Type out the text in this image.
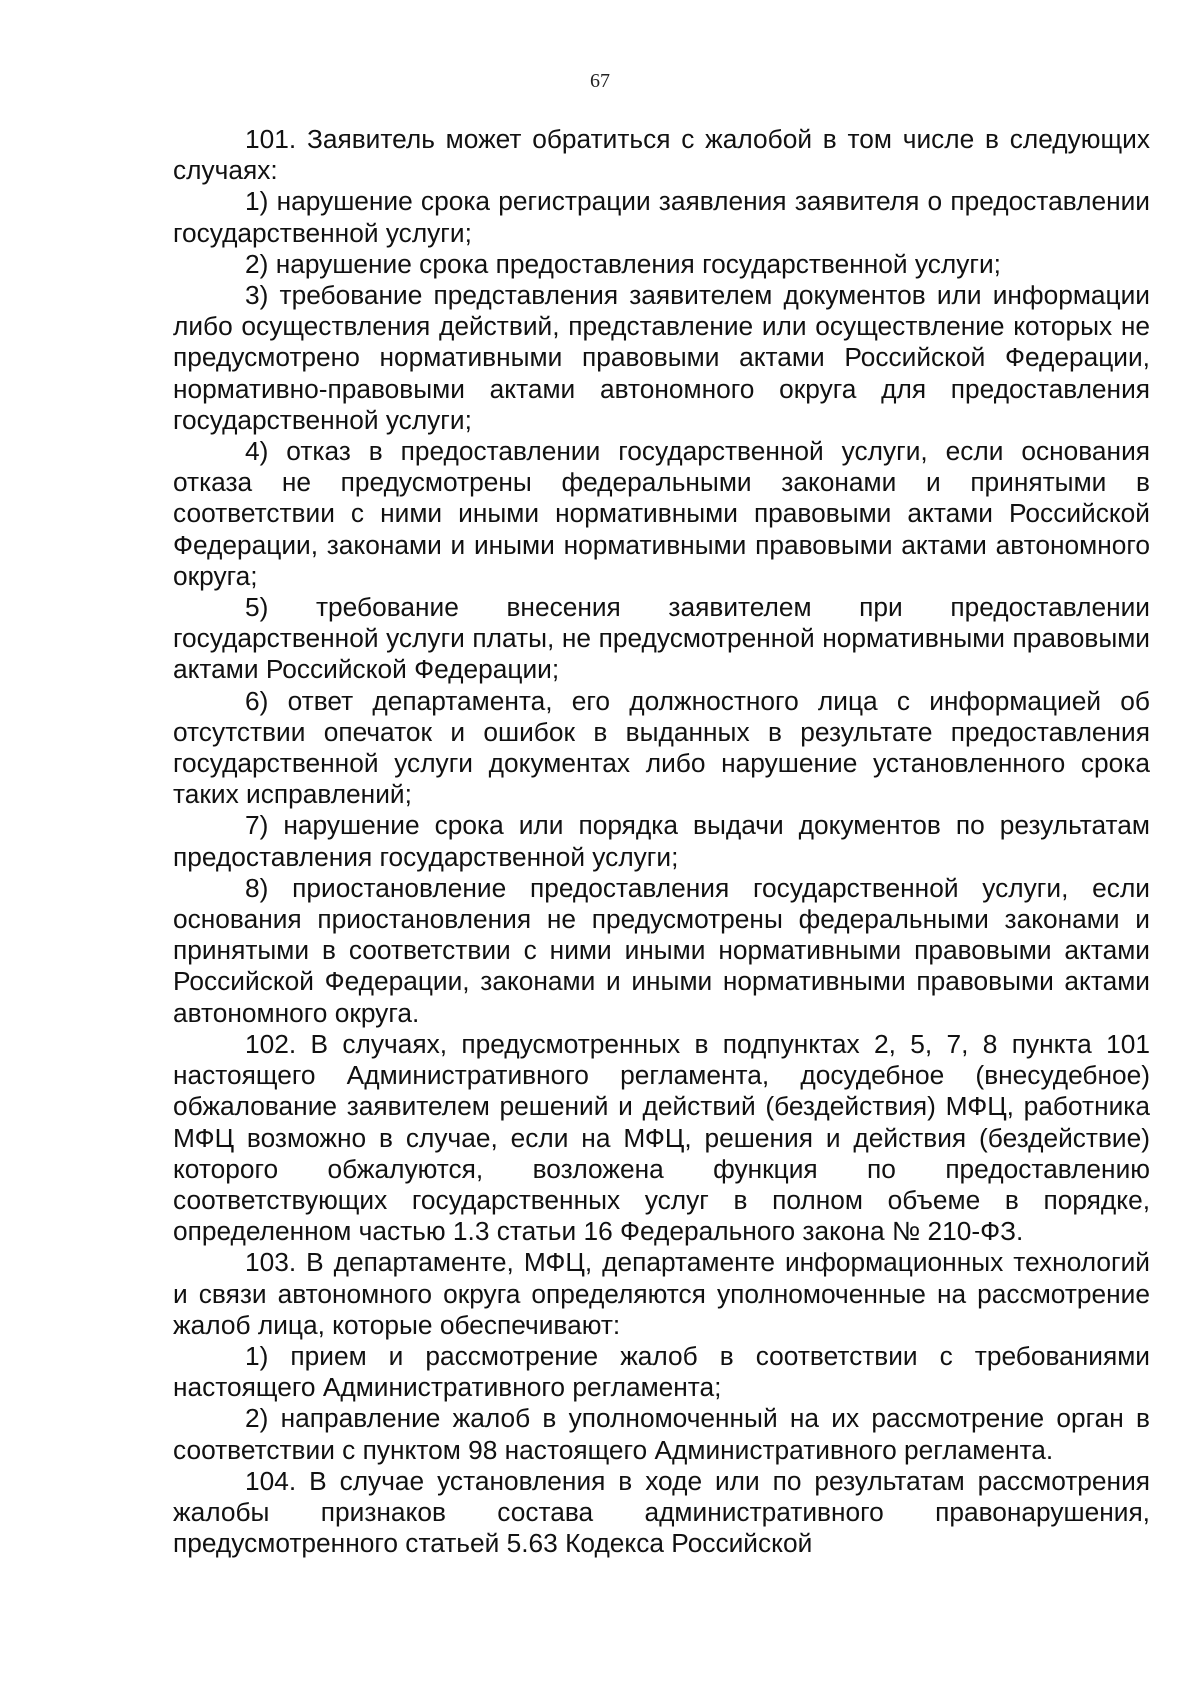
67

101. Заявитель может обратиться с жалобой в том числе в следующих случаях:

1) нарушение срока регистрации заявления заявителя о предоставлении государственной услуги;

2) нарушение срока предоставления государственной услуги;

3) требование представления заявителем документов или информации либо осуществления действий, представление или осуществление которых не предусмотрено нормативными правовыми актами Российской Федерации, нормативно-правовыми актами автономного округа для предоставления государственной услуги;

4) отказ в предоставлении государственной услуги, если основания отказа не предусмотрены федеральными законами и принятыми в соответствии с ними иными нормативными правовыми актами Российской Федерации, законами и иными нормативными правовыми актами автономного округа;

5) требование внесения заявителем при предоставлении государственной услуги платы, не предусмотренной нормативными правовыми актами Российской Федерации;

6) ответ департамента, его должностного лица с информацией об отсутствии опечаток и ошибок в выданных в результате предоставления государственной услуги документах либо нарушение установленного срока таких исправлений;

7) нарушение срока или порядка выдачи документов по результатам предоставления государственной услуги;

8) приостановление предоставления государственной услуги, если основания приостановления не предусмотрены федеральными законами и принятыми в соответствии с ними иными нормативными правовыми актами Российской Федерации, законами и иными нормативными правовыми актами автономного округа.

102. В случаях, предусмотренных в подпунктах 2, 5, 7, 8 пункта 101 настоящего Административного регламента, досудебное (внесудебное) обжалование заявителем решений и действий (бездействия) МФЦ, работника МФЦ возможно в случае, если на МФЦ, решения и действия (бездействие) которого обжалуются, возложена функция по предоставлению соответствующих государственных услуг в полном объеме в порядке, определенном частью 1.3 статьи 16 Федерального закона № 210-ФЗ.

103. В департаменте, МФЦ, департаменте информационных технологий и связи автономного округа определяются уполномоченные на рассмотрение жалоб лица, которые обеспечивают:

1) прием и рассмотрение жалоб в соответствии с требованиями настоящего Административного регламента;

2) направление жалоб в уполномоченный на их рассмотрение орган в соответствии с пунктом 98 настоящего Административного регламента.

104. В случае установления в ходе или по результатам рассмотрения жалобы признаков состава административного правонарушения, предусмотренного статьей 5.63 Кодекса Российской
